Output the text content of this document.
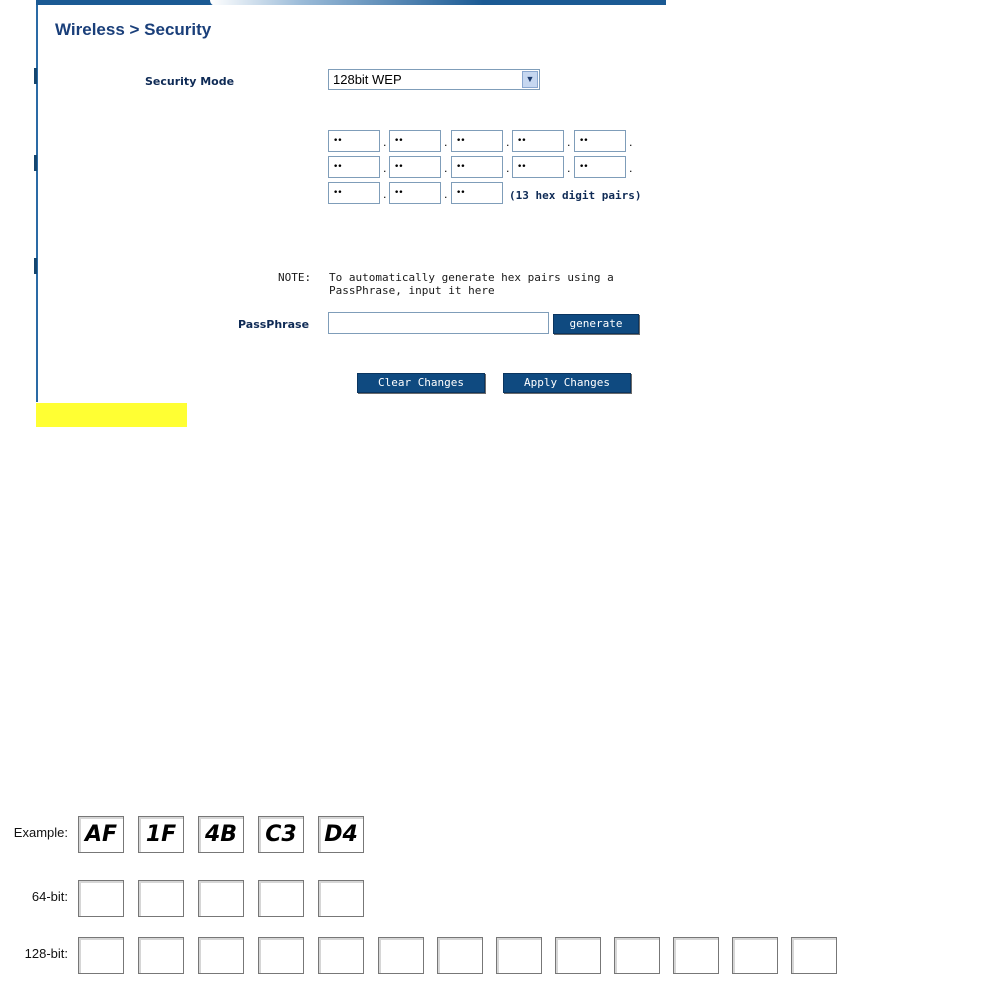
Wireless > Security
Security Mode	128bit WEP	▼
••	. ••	. ••	. ••	. ••	.
••	. ••	. ••	. ••	. ••	.
••	. ••	. ••	(13 hex digit pairs)
NOTE: To automatically generate hex pairs using a PassPhrase, input it here
PassPhrase	generate
Clear Changes	Apply Changes
Example: AF	1F	4B	C3	D4
64-bit:
128-bit:
